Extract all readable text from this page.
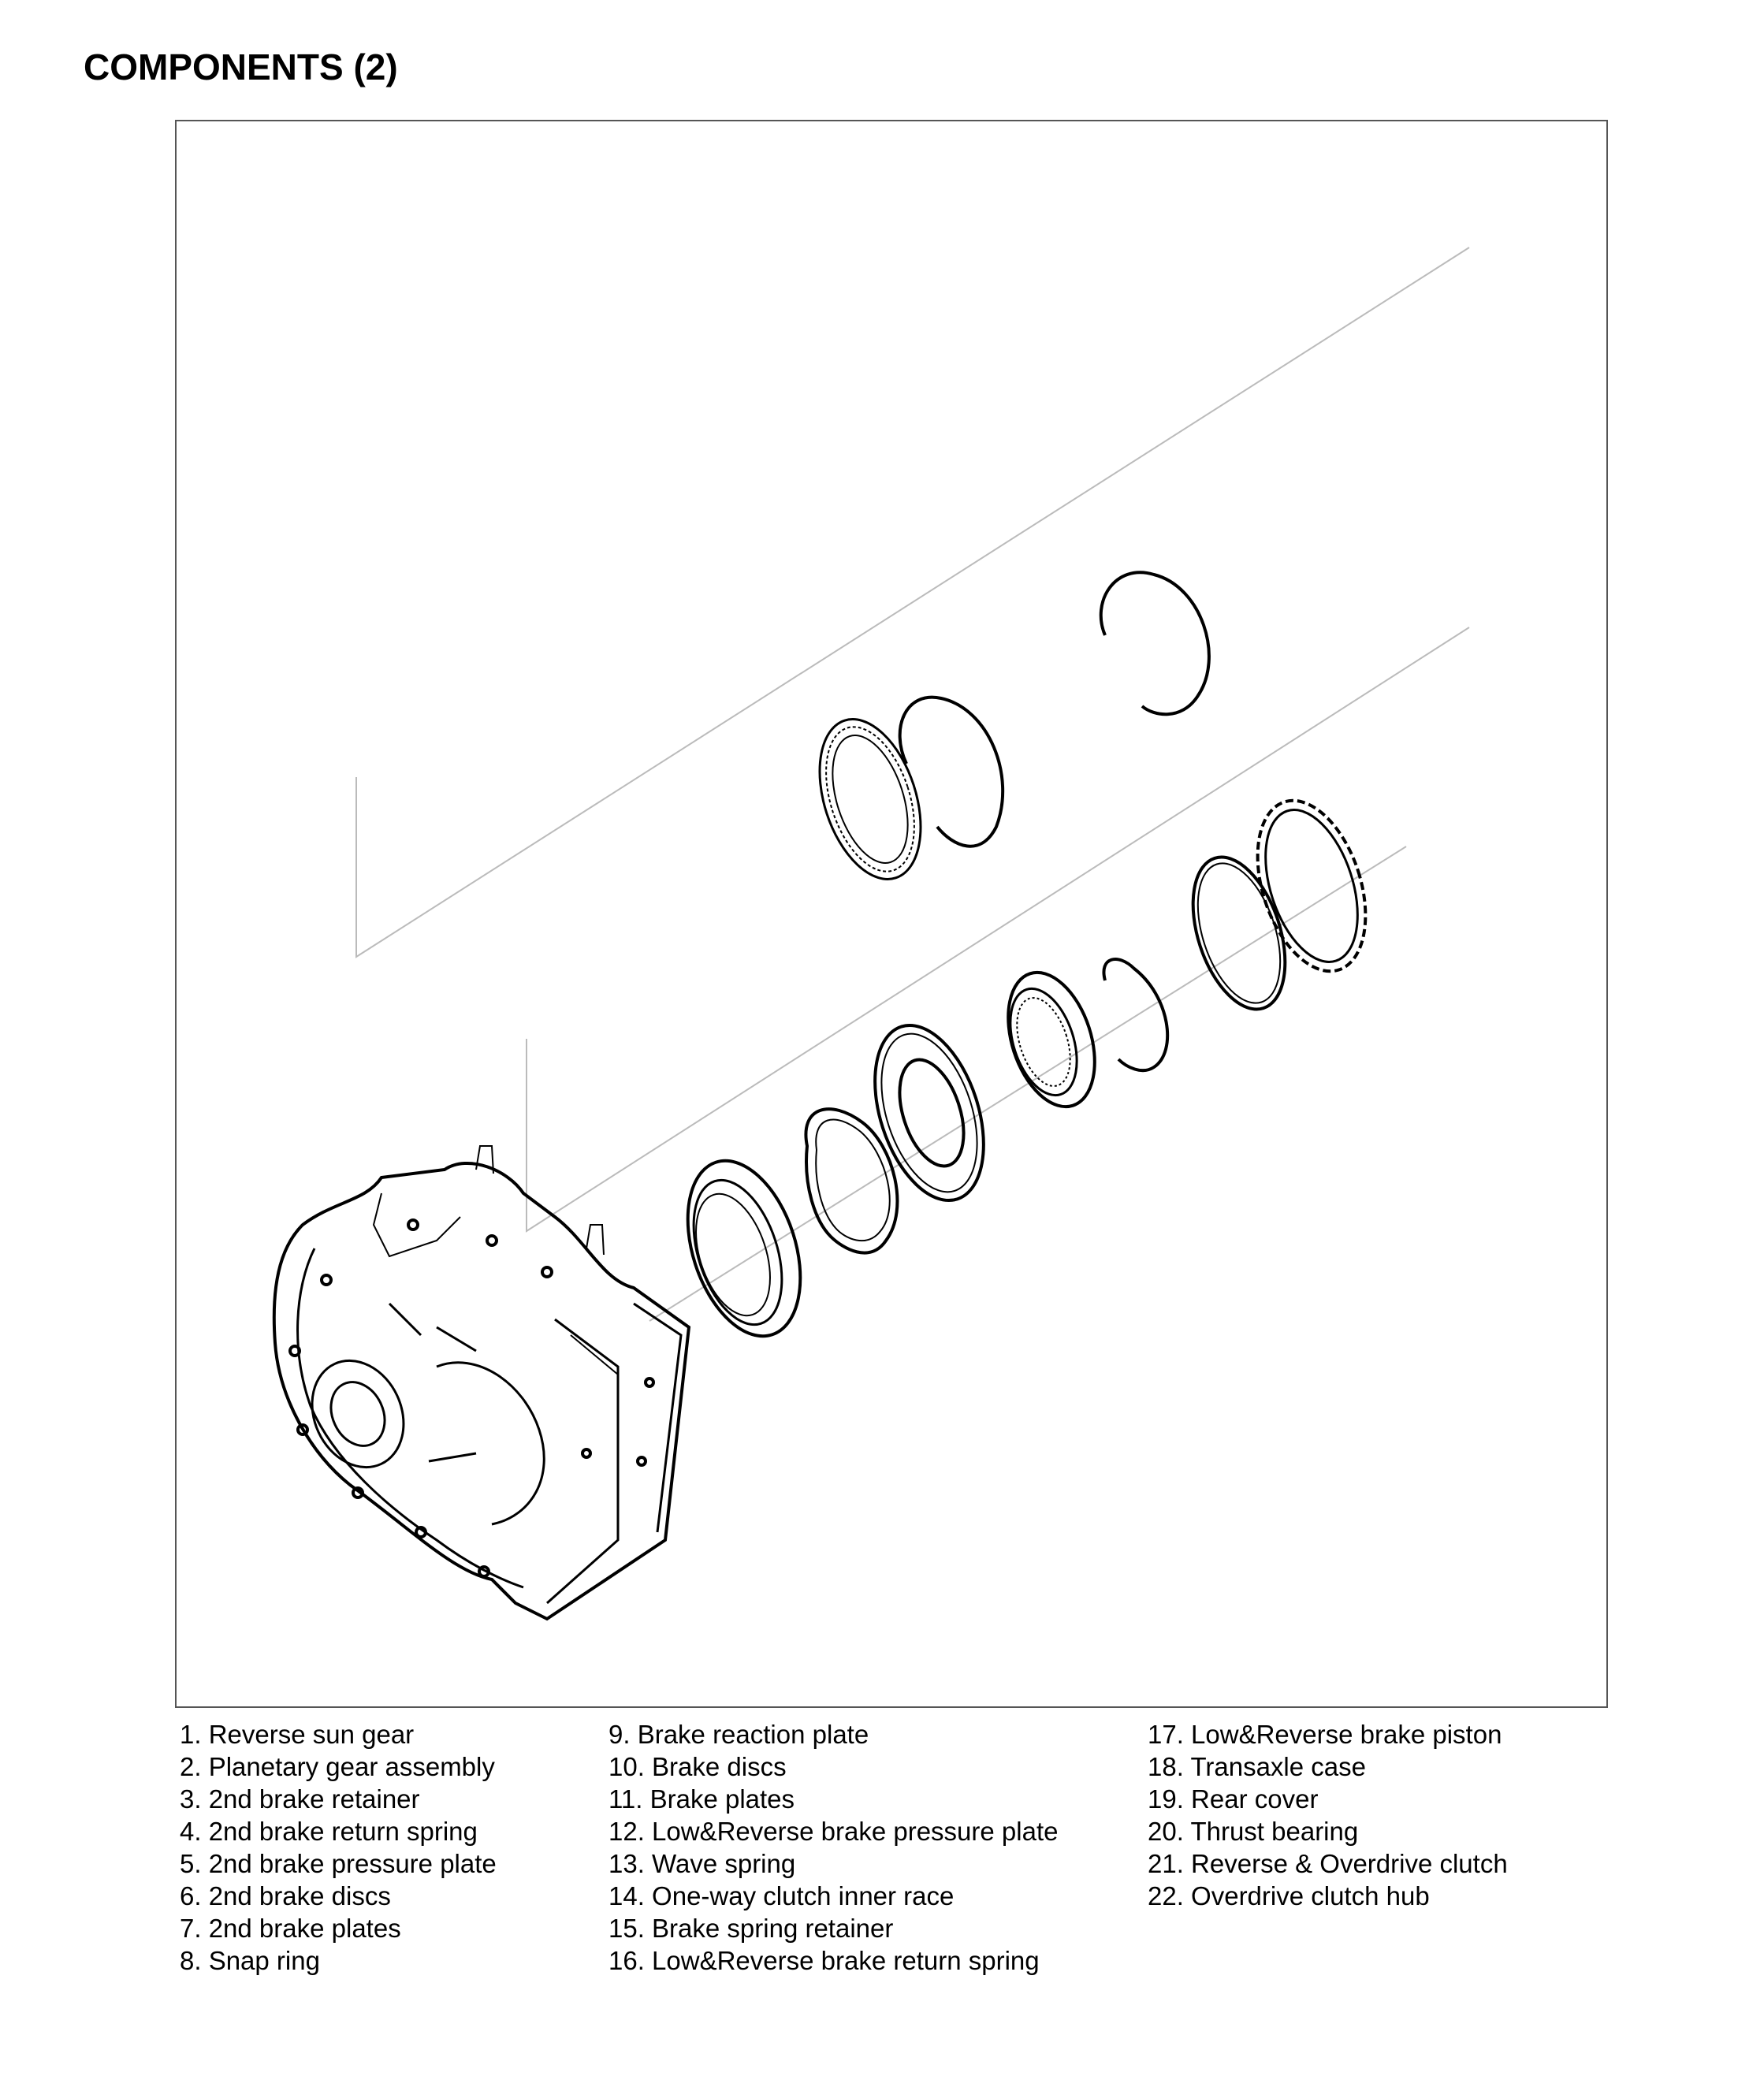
COMPONENTS (2)
1. Reverse sun gear
2. Planetary gear assembly
3. 2nd brake retainer
4. 2nd brake return spring
5. 2nd brake pressure plate
6. 2nd brake discs
7. 2nd brake plates
8. Snap ring
9. Brake reaction plate
10. Brake discs
11. Brake plates
12. Low&Reverse brake pressure plate
13. Wave spring
14. One-way clutch inner race
15. Brake spring retainer
16. Low&Reverse brake return spring
17. Low&Reverse brake piston
18. Transaxle case
19. Rear cover
20. Thrust bearing
21. Reverse & Overdrive clutch
22. Overdrive clutch hub
